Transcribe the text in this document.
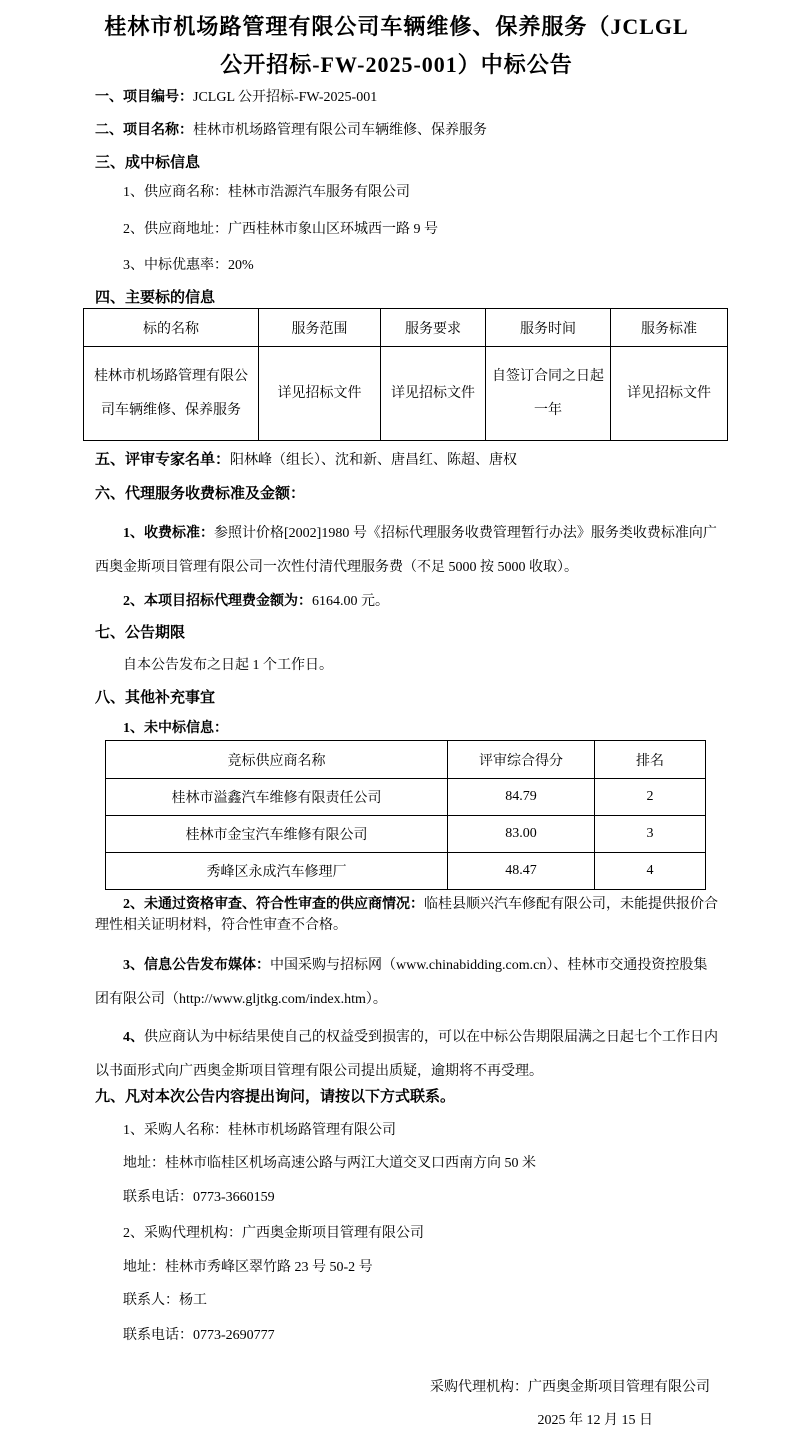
桂林市机场路管理有限公司车辆维修、保养服务（JCLGL
公开招标-FW-2025-001）中标公告
一、项目编号：JCLGL 公开招标-FW-2025-001
二、项目名称：桂林市机场路管理有限公司车辆维修、保养服务
三、成中标信息
1、供应商名称：桂林市浩源汽车服务有限公司
2、供应商地址：广西桂林市象山区环城西一路 9 号
3、中标优惠率：20%
四、主要标的信息
标的名称	服务范围	服务要求	服务时间	服务标准
桂林市机场路管理有限公司车辆维修、保养服务	详见招标文件	详见招标文件	自签订合同之日起一年	详见招标文件
五、评审专家名单：阳林峰（组长）、沈和新、唐昌红、陈超、唐权
六、代理服务收费标准及金额：
1、收费标准：参照计价格[2002]1980 号《招标代理服务收费管理暂行办法》服务类收费标准向广西奥金斯项目管理有限公司一次性付清代理服务费（不足 5000 按 5000 收取）。
2、本项目招标代理费金额为：6164.00 元。
七、公告期限
自本公告发布之日起 1 个工作日。
八、其他补充事宜
1、未中标信息：
竞标供应商名称	评审综合得分	排名
桂林市溢鑫汽车维修有限责任公司	84.79	2
桂林市金宝汽车维修有限公司	83.00	3
秀峰区永成汽车修理厂	48.47	4
2、未通过资格审查、符合性审查的供应商情况：临桂县顺兴汽车修配有限公司，未能提供报价合理性相关证明材料，符合性审查不合格。
3、信息公告发布媒体：中国采购与招标网（www.chinabidding.com.cn）、桂林市交通投资控股集团有限公司（http://www.gljtkg.com/index.htm）。
4、供应商认为中标结果使自己的权益受到损害的，可以在中标公告期限届满之日起七个工作日内以书面形式向广西奥金斯项目管理有限公司提出质疑，逾期将不再受理。
九、凡对本次公告内容提出询问，请按以下方式联系。
1、采购人名称：桂林市机场路管理有限公司
地址：桂林市临桂区机场高速公路与两江大道交叉口西南方向 50 米
联系电话：0773-3660159
2、采购代理机构：广西奥金斯项目管理有限公司
地址：桂林市秀峰区翠竹路 23 号 50-2 号
联系人：杨工
联系电话：0773-2690777
采购代理机构：广西奥金斯项目管理有限公司
2025 年 12 月 15 日
